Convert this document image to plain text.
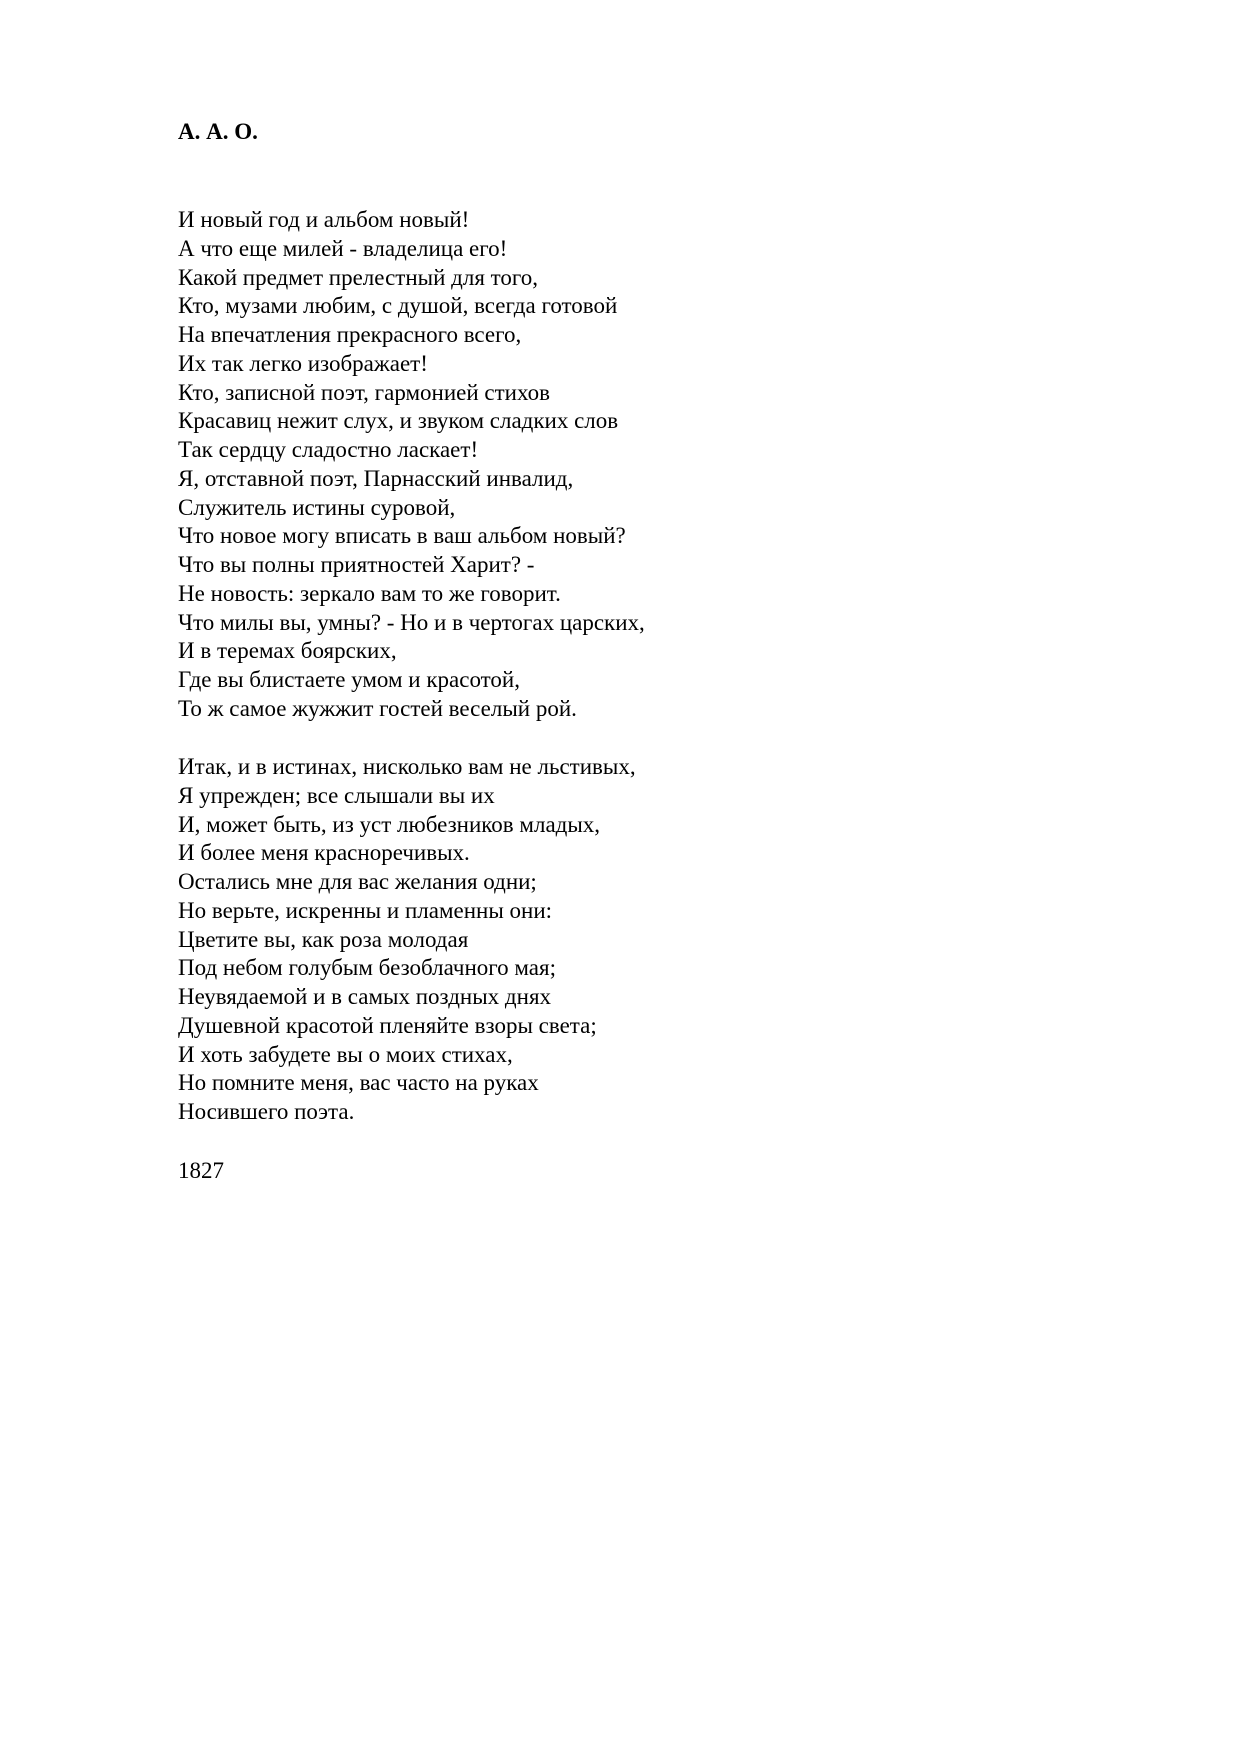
А. А. О.
И новый год и альбом новый!
А что еще милей - владелица его!
Какой предмет прелестный для того,
Кто, музами любим, с душой, всегда готовой
На впечатления прекрасного всего,
Их так легко изображает!
Кто, записной поэт, гармонией стихов
Красавиц нежит слух, и звуком сладких слов
Так сердцу сладостно ласкает!
Я, отставной поэт, Парнасский инвалид,
Служитель истины суровой,
Что новое могу вписать в ваш альбом новый?
Что вы полны приятностей Харит? -
Не новость: зеркало вам то же говорит.
Что милы вы, умны? - Но и в чертогах царских,
И в теремах боярских,
Где вы блистаете умом и красотой,
То ж самое жужжит гостей веселый рой.
Итак, и в истинах, нисколько вам не льстивых,
Я упрежден; все слышали вы их
И, может быть, из уст любезников младых,
И более меня красноречивых.
Остались мне для вас желания одни;
Но верьте, искренны и пламенны они:
Цветите вы, как роза молодая
Под небом голубым безоблачного мая;
Неувядаемой и в самых поздных днях
Душевной красотой пленяйте взоры света;
И хоть забудете вы о моих стихах,
Но помните меня, вас часто на руках
Носившего поэта.

1827
